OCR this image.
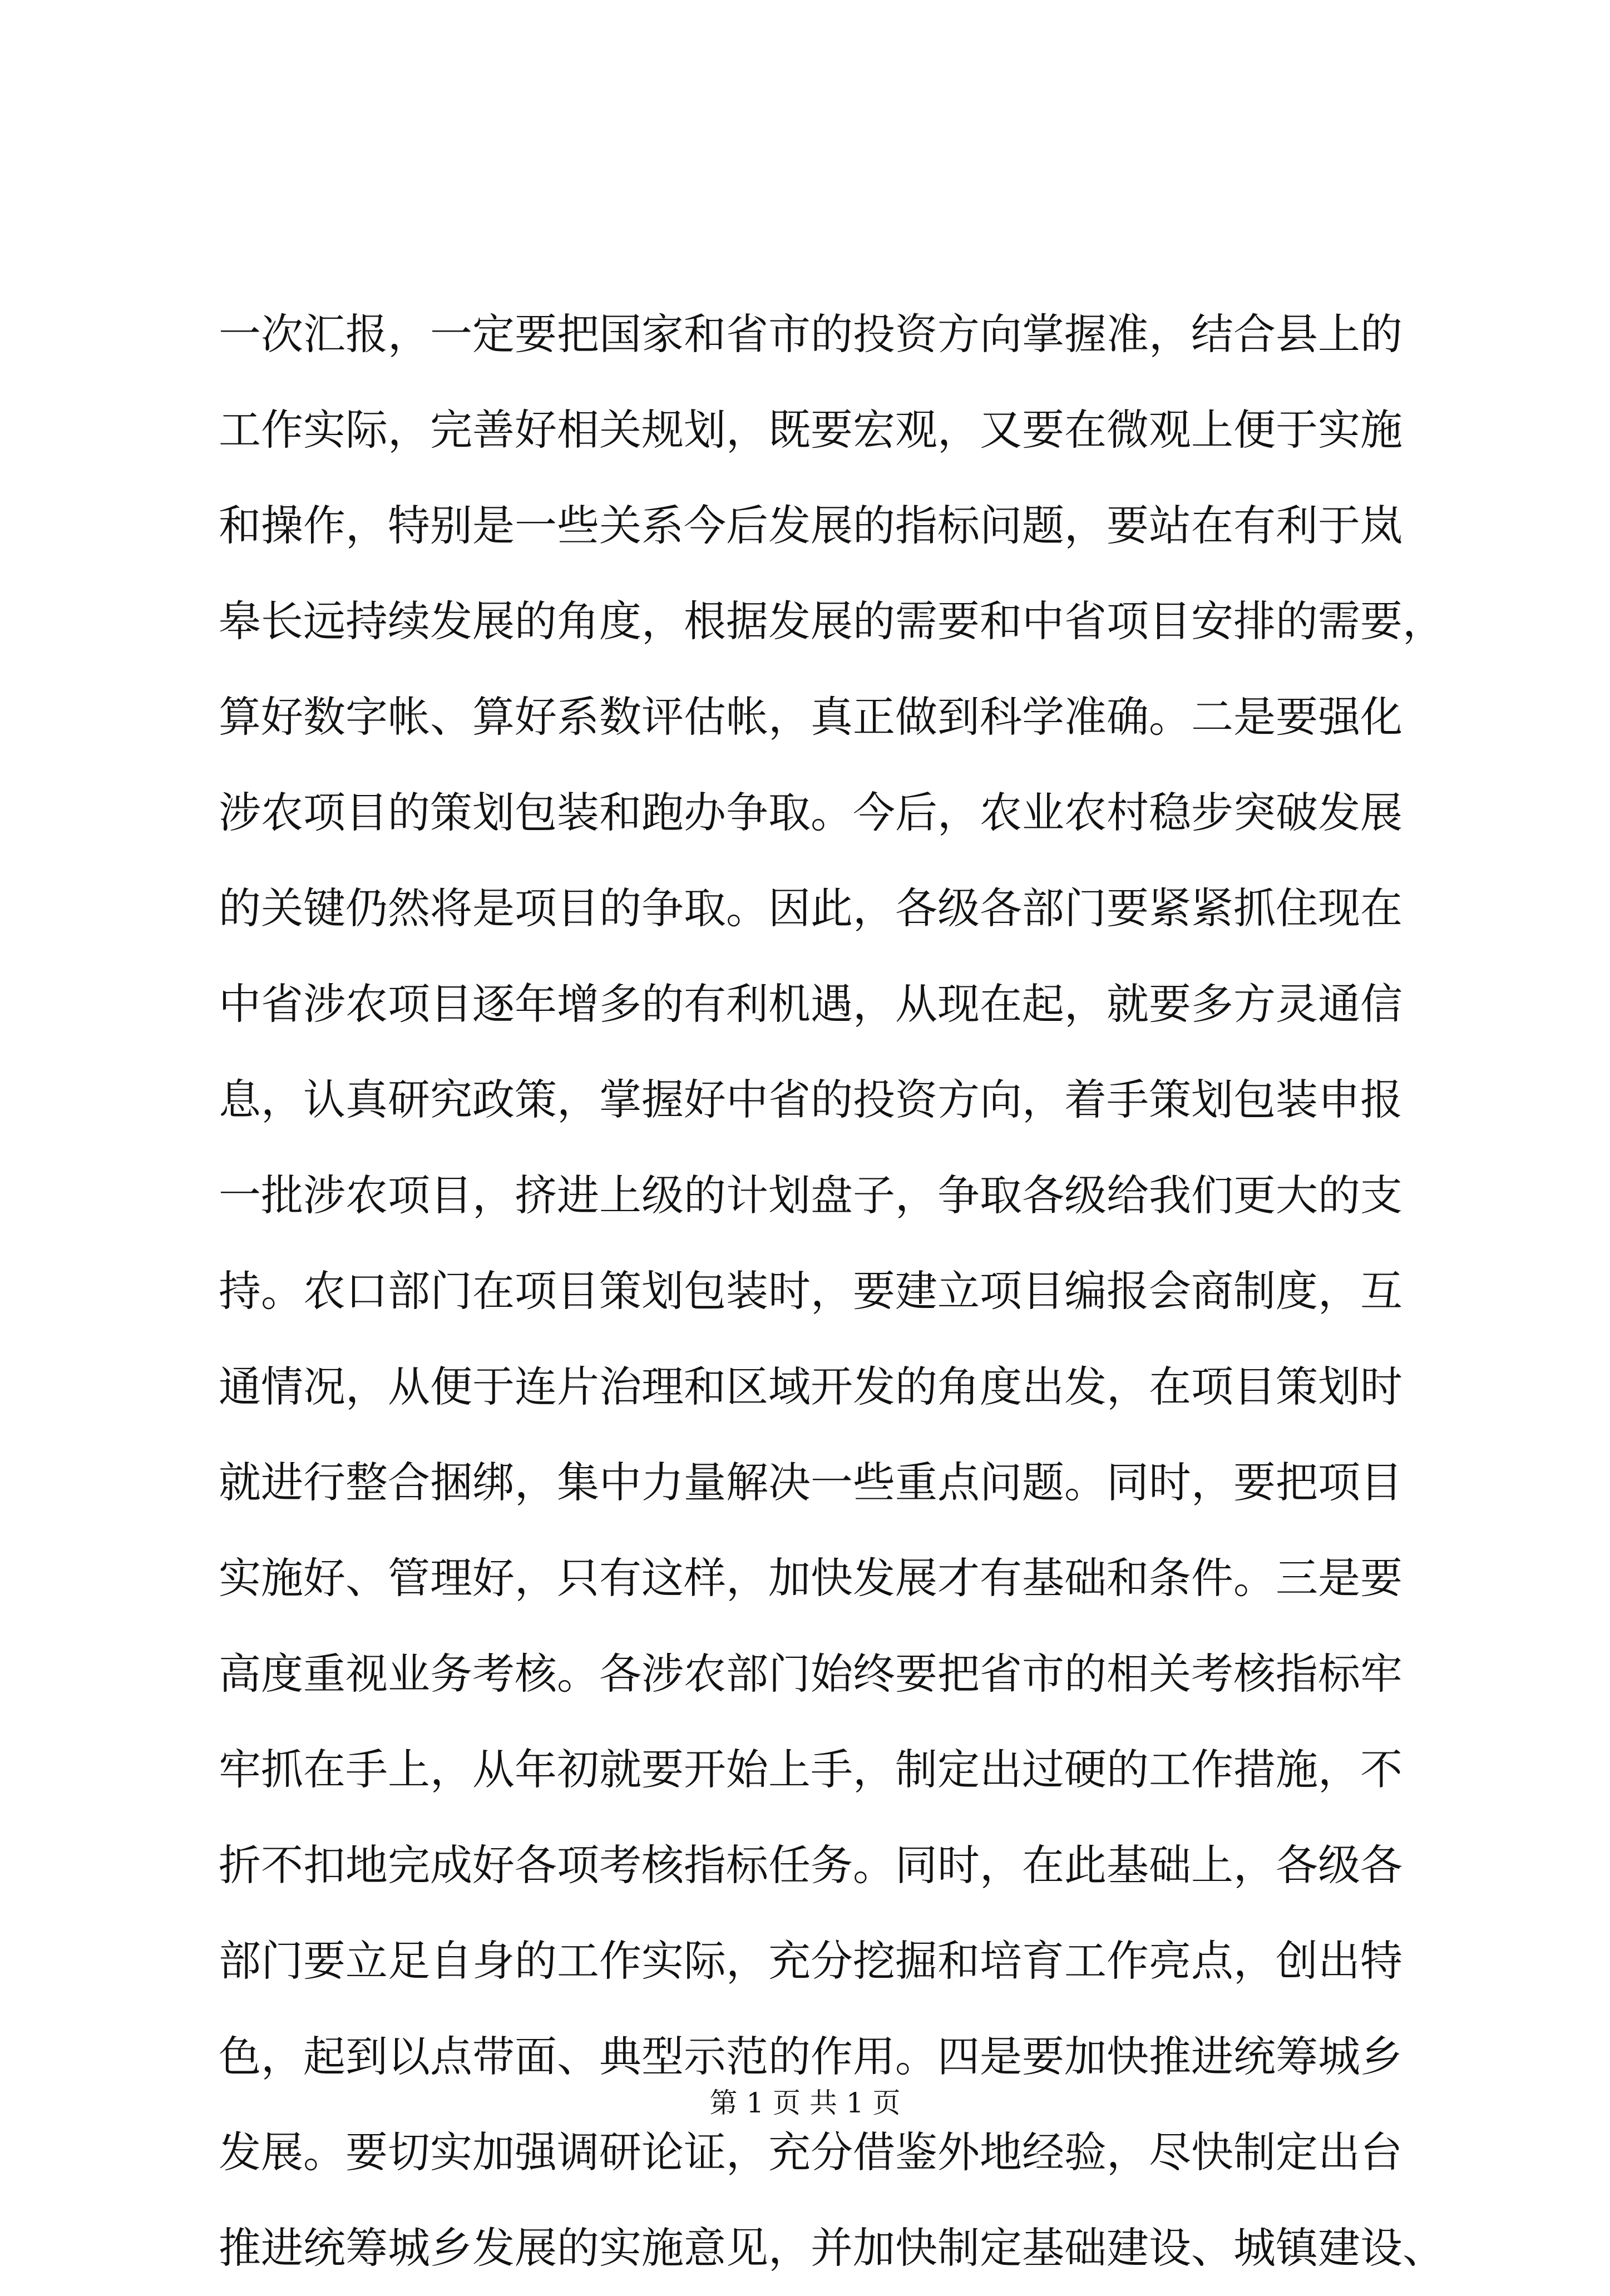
一次汇报，一定要把国家和省市的投资方向掌握准，结合县上的
工作实际，完善好相关规划，既要宏观，又要在微观上便于实施
和操作，特别是一些关系今后发展的指标问题，要站在有利于岚
皋长远持续发展的角度，根据发展的需要和中省项目安排的需要，
算好数字帐、算好系数评估帐，真正做到科学准确。二是要强化
涉农项目的策划包装和跑办争取。今后，农业农村稳步突破发展
的关键仍然将是项目的争取。因此，各级各部门要紧紧抓住现在
中省涉农项目逐年增多的有利机遇，从现在起，就要多方灵通信
息，认真研究政策，掌握好中省的投资方向，着手策划包装申报
一批涉农项目，挤进上级的计划盘子，争取各级给我们更大的支
持。农口部门在项目策划包装时，要建立项目编报会商制度，互
通情况，从便于连片治理和区域开发的角度出发，在项目策划时
就进行整合捆绑，集中力量解决一些重点问题。同时，要把项目
实施好、管理好，只有这样，加快发展才有基础和条件。三是要
高度重视业务考核。各涉农部门始终要把省市的相关考核指标牢
牢抓在手上，从年初就要开始上手，制定出过硬的工作措施，不
折不扣地完成好各项考核指标任务。同时，在此基础上，各级各
部门要立足自身的工作实际，充分挖掘和培育工作亮点，创出特
色，起到以点带面、典型示范的作用。四是要加快推进统筹城乡
发展。要切实加强调研论证，充分借鉴外地经验，尽快制定出台
推进统筹城乡发展的实施意见，并加快制定基础建设、城镇建设、
第 1 页 共 1 页
